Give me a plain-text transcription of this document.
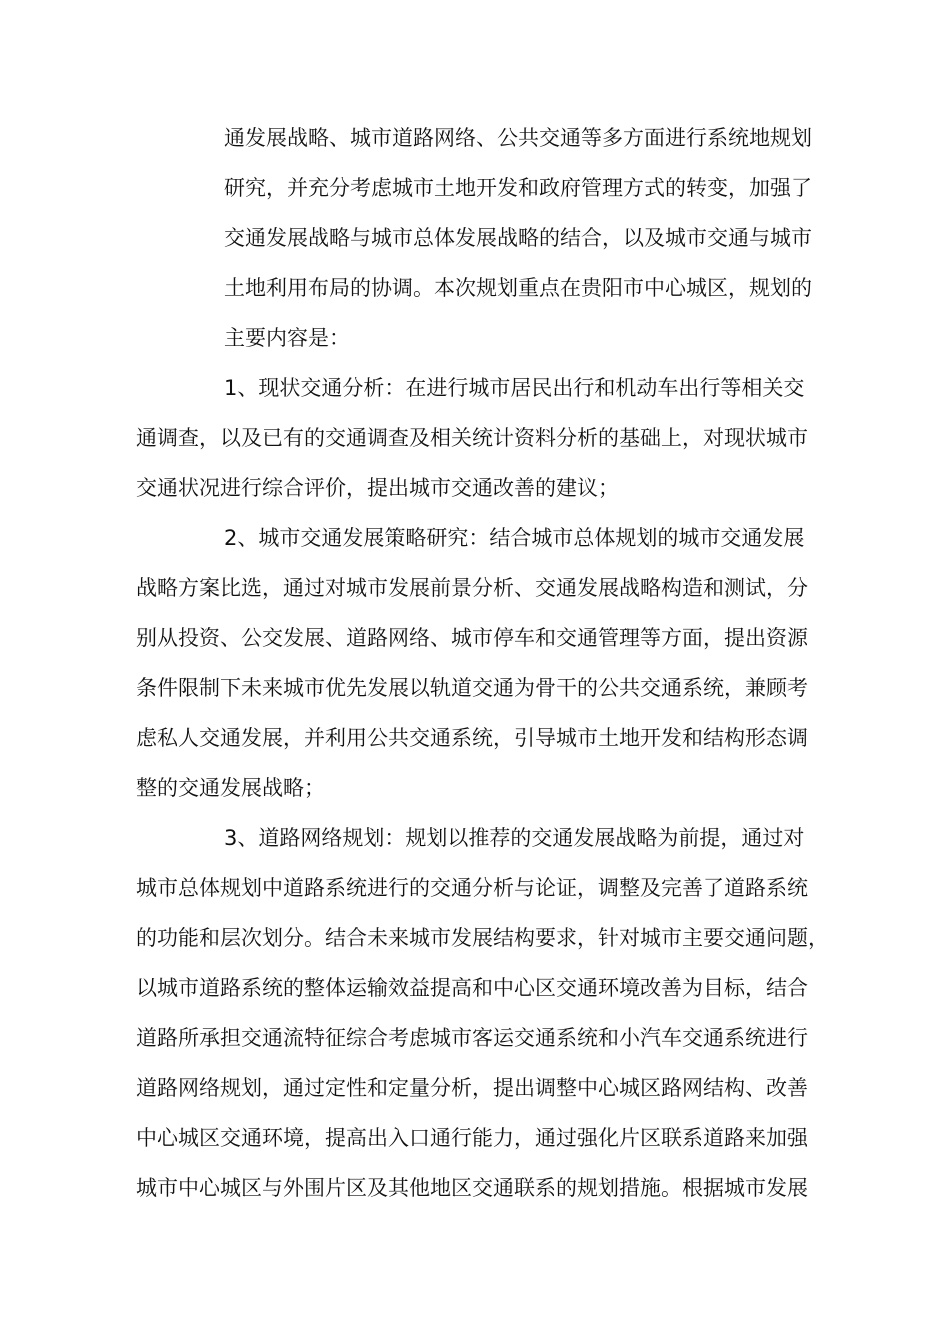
通发展战略、城市道路网络、公共交通等多方面进行系统地规划
研究，并充分考虑城市土地开发和政府管理方式的转变，加强了
交通发展战略与城市总体发展战略的结合，以及城市交通与城市
土地利用布局的协调。本次规划重点在贵阳市中心城区，规划的
主要内容是：
1、现状交通分析：在进行城市居民出行和机动车出行等相关交
通调查，以及已有的交通调查及相关统计资料分析的基础上，对现状城市
交通状况进行综合评价，提出城市交通改善的建议；
2、城市交通发展策略研究：结合城市总体规划的城市交通发展
战略方案比选，通过对城市发展前景分析、交通发展战略构造和测试，分
别从投资、公交发展、道路网络、城市停车和交通管理等方面，提出资源
条件限制下未来城市优先发展以轨道交通为骨干的公共交通系统，兼顾考
虑私人交通发展，并利用公共交通系统，引导城市土地开发和结构形态调
整的交通发展战略；
3、道路网络规划：规划以推荐的交通发展战略为前提，通过对
城市总体规划中道路系统进行的交通分析与论证，调整及完善了道路系统
的功能和层次划分。结合未来城市发展结构要求，针对城市主要交通问题，
以城市道路系统的整体运输效益提高和中心区交通环境改善为目标，结合
道路所承担交通流特征综合考虑城市客运交通系统和小汽车交通系统进行
道路网络规划，通过定性和定量分析，提出调整中心城区路网结构、改善
中心城区交通环境，提高出入口通行能力，通过强化片区联系道路来加强
城市中心城区与外围片区及其他地区交通联系的规划措施。根据城市发展
